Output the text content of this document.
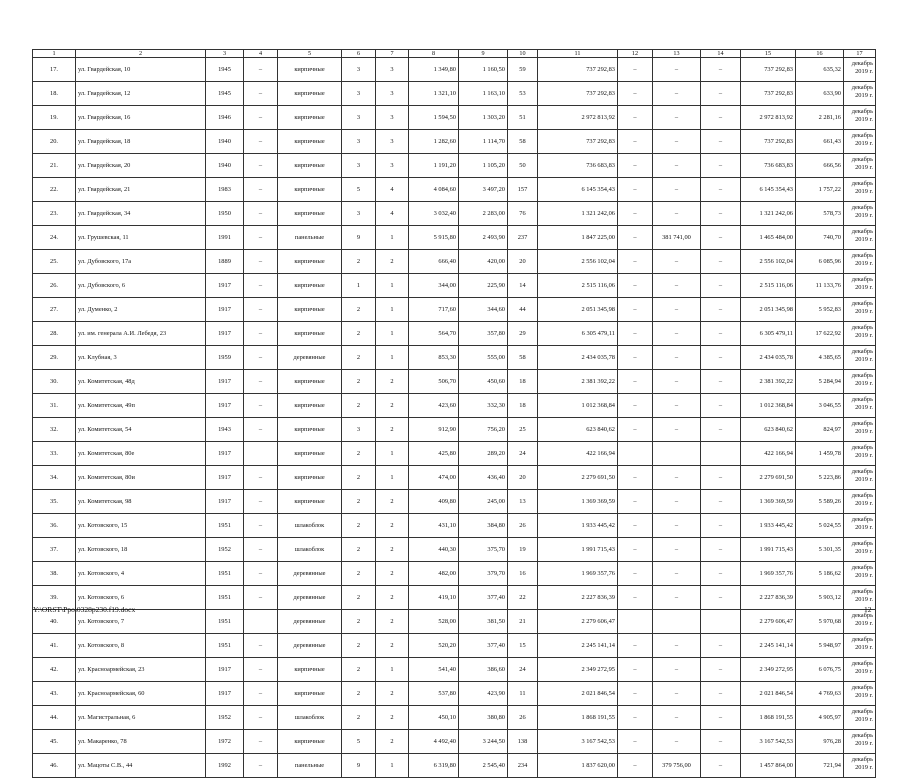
1	2	3	4	5	6	7	8	9	10	11	12	13	14	15	16	17
17.	ул. Гвардейская, 10	1945	–	кирпичные	3	3	1 349,80	1 160,50	59	737 292,83	–	–	–	737 292,83	635,32	декабрь 2019 г.
18.	ул. Гвардейская, 12	1945	–	кирпичные	3	3	1 321,10	1 163,10	53	737 292,83	–	–	–	737 292,83	633,90	декабрь 2019 г.
19.	ул. Гвардейская, 16	1946	–	кирпичные	3	3	1 594,50	1 303,20	51	2 972 813,92	–	–	–	2 972 813,92	2 281,16	декабрь 2019 г.
20.	ул. Гвардейская, 18	1940	–	кирпичные	3	3	1 282,60	1 114,70	58	737 292,83	–	–	–	737 292,83	661,43	декабрь 2019 г.
21.	ул. Гвардейская, 20	1940	–	кирпичные	3	3	1 191,20	1 105,20	50	736 683,83	–	–	–	736 683,83	666,56	декабрь 2019 г.
22.	ул. Гвардейская, 21	1983	–	кирпичные	5	4	4 084,60	3 497,20	157	6 145 354,43	–	–	–	6 145 354,43	1 757,22	декабрь 2019 г.
23.	ул. Гвардейская, 34	1950	–	кирпичные	3	4	3 032,40	2 283,00	76	1 321 242,06	–	–	–	1 321 242,06	578,73	декабрь 2019 г.
24.	ул. Грушевская, 11	1991	–	панельные	9	1	5 915,80	2 493,90	237	1 847 225,00	–	381 741,00	–	1 465 484,00	740,70	декабрь 2019 г.
25.	ул. Дубовского, 17а	1889	–	кирпичные	2	2	666,40	420,00	20	2 556 102,04	–	–	–	2 556 102,04	6 085,96	декабрь 2019 г.
26.	ул. Дубовского, 6	1917	–	кирпичные	1	1	344,00	225,90	14	2 515 116,06	–	–	–	2 515 116,06	11 133,76	декабрь 2019 г.
27.	ул. Думенко, 2	1917	–	кирпичные	2	1	717,60	344,60	44	2 051 345,98	–	–	–	2 051 345,98	5 952,83	декабрь 2019 г.
28.	ул. им. генерала А.И. Лебедя, 23	1917	–	кирпичные	2	1	564,70	357,80	29	6 305 479,11	–	–	–	6 305 479,11	17 622,92	декабрь 2019 г.
29.	ул. Клубная, 3	1959	–	деревянные	2	1	853,30	555,00	58	2 434 035,78	–	–	–	2 434 035,78	4 385,65	декабрь 2019 г.
30.	ул. Комитетская, 48д	1917	–	кирпичные	2	2	506,70	450,60	18	2 381 392,22	–	–	–	2 381 392,22	5 284,94	декабрь 2019 г.
31.	ул. Комитетская, 49п	1917	–	кирпичные	2	2	423,60	332,30	18	1 012 368,84	–	–	–	1 012 368,84	3 046,55	декабрь 2019 г.
32.	ул. Комитетская, 54	1943	–	кирпичные	3	2	912,90	756,20	25	623 840,62	–	–	–	623 840,62	824,97	декабрь 2019 г.
33.	ул. Комитетская, 80е	1917		кирпичные	2	1	425,80	289,20	24	422 166,94				422 166,94	1 459,78	декабрь 2019 г.
34.	ул. Комитетская, 80и	1917	–	кирпичные	2	1	474,00	436,40	20	2 279 691,50	–	–	–	2 279 691,50	5 223,86	декабрь 2019 г.
35.	ул. Комитетская, 98	1917	–	кирпичные	2	2	409,80	245,00	13	1 369 369,59	–	–	–	1 369 369,59	5 589,26	декабрь 2019 г.
36.	ул. Котовского, 15	1951	–	шлакоблок	2	2	431,10	384,80	26	1 933 445,42	–	–	–	1 933 445,42	5 024,55	декабрь 2019 г.
37.	ул. Котовского, 18	1952	–	шлакоблок	2	2	440,30	375,70	19	1 991 715,43	–	–	–	1 991 715,43	5 301,35	декабрь 2019 г.
38.	ул. Котовского, 4	1951	–	деревянные	2	2	482,00	379,70	16	1 969 357,76	–	–	–	1 969 357,76	5 186,62	декабрь 2019 г.
39.	ул. Котовского, 6	1951	–	деревянные	2	2	419,10	377,40	22	2 227 836,39	–	–	–	2 227 836,39	5 903,12	декабрь 2019 г.
40.	ул. Котовского, 7	1951		деревянные	2	2	528,00	381,50	21	2 279 606,47				2 279 606,47	5 970,68	декабрь 2019 г.
41.	ул. Котовского, 8	1951	–	деревянные	2	2	520,20	377,40	15	2 245 141,14	–	–	–	2 245 141,14	5 948,97	декабрь 2019 г.
42.	ул. Красноармейская, 23	1917	–	кирпичные	2	1	541,40	386,60	24	2 349 272,95	–	–	–	2 349 272,95	6 076,75	декабрь 2019 г.
43.	ул. Красноармейская, 60	1917	–	кирпичные	2	2	537,80	423,90	11	2 021 846,54	–	–	–	2 021 846,54	4 769,63	декабрь 2019 г.
44.	ул. Магистральная, 6	1952	–	шлакоблок	2	2	450,10	380,80	26	1 868 191,55	–	–	–	1 868 191,55	4 905,97	декабрь 2019 г.
45.	ул. Макаренко, 78	1972	–	кирпичные	5	2	4 492,40	3 244,50	138	3 167 542,53	–	–	–	3 167 542,53	976,28	декабрь 2019 г.
46.	ул. Мацоты С.В., 44	1992	–	панельные	9	1	6 319,80	2 545,40	234	1 837 620,00	–	379 756,00	–	1 457 864,00	721,94	декабрь 2019 г.
Y:\ORST\Ppo\0328p230.f19.docx	12
